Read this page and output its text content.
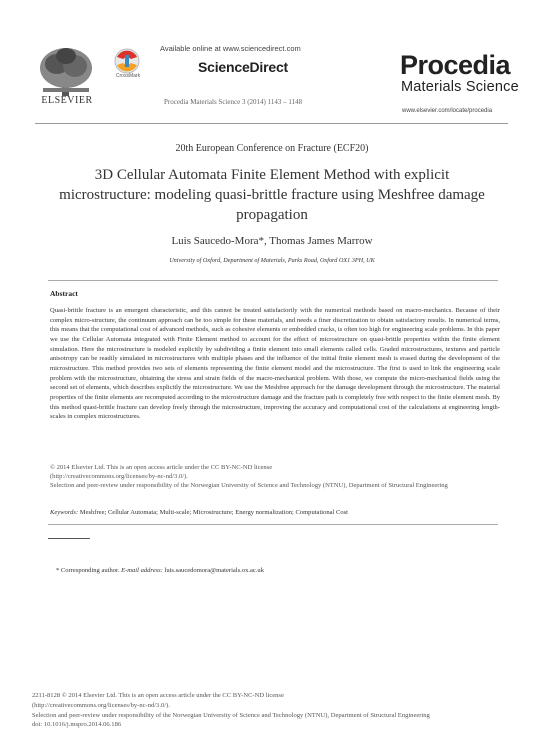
ELSEVIER
CrossMark
Available online at www.sciencedirect.com
ScienceDirect
Procedia Materials Science 3 (2014) 1143 – 1148
Procedia
Materials Science
www.elsevier.com/locate/procedia
20th European Conference on Fracture (ECF20)
3D Cellular Automata Finite Element Method with explicit microstructure: modeling quasi-brittle fracture using Meshfree damage propagation
Luis Saucedo-Mora*, Thomas James Marrow
University of Oxford, Department of Materials, Parks Road, Oxford OX1 3PH, UK
Abstract
Quasi-brittle fracture is an emergent characteristic, and this cannot be treated satisfactorily with the numerical methods based on macro-mechanics. Because of their complex micro-structure, the continuum approach can be too simple for these materials, and needs a finer discretization to obtain satisfactory results. In numerical terms, this means that the computational cost of advanced methods, such as cohesive elements or embedded cracks, is often too high for engineering scale problems. In this paper we use the Cellular Automata integrated with Finite Element method to account for the effect of microstructure on quasi-brittle properties within the finite element simulation. Here the microstructure is modeled explicitly by subdividing a finite element into small elements called cells. Graded microstructures, textures and particle anisotropy can be readily simulated in microstructures with multiple phases and the influence of the initial finite element mesh is erased during the development of the microstructure. This method provides two sets of elements representing the finite element model and the microstructure. The first is used to link the engineering scale problem with the microstructure, obtaining the stress and strain fields of the macro-mechanical problem. With those, we compute the micro-mechanical fields using the second set of elements, which describes explicitly the microstructure. We use the Meshfree approach for the damage development through the microstructure. The material properties of the finite elements are recomputed according to the microstructure damage and the fracture path is completely free with respect to the finite element mesh. By this method quasi-brittle fracture can develop freely through the microstructure, improving the accuracy and computational cost of the calculations at engineering length-scales in complex microstructures.
© 2014 Elsevier Ltd. This is an open access article under the CC BY-NC-ND license
(http://creativecommons.org/licenses/by-nc-nd/3.0/).
Selection and peer-review under responsibility of the Norwegian University of Science and Technology (NTNU), Department of Structural Engineering
Keywords: Meshfree; Cellular Automata; Multi-scale; Microstructure; Energy normalization; Computational Cost
* Corresponding author. E-mail address: luis.saucedomora@materials.ox.ac.uk
2211-8128 © 2014 Elsevier Ltd. This is an open access article under the CC BY-NC-ND license
(http://creativecommons.org/licenses/by-nc-nd/3.0/).
Selection and peer-review under responsibility of the Norwegian University of Science and Technology (NTNU), Department of Structural Engineering
doi: 10.1016/j.mspro.2014.06.186
